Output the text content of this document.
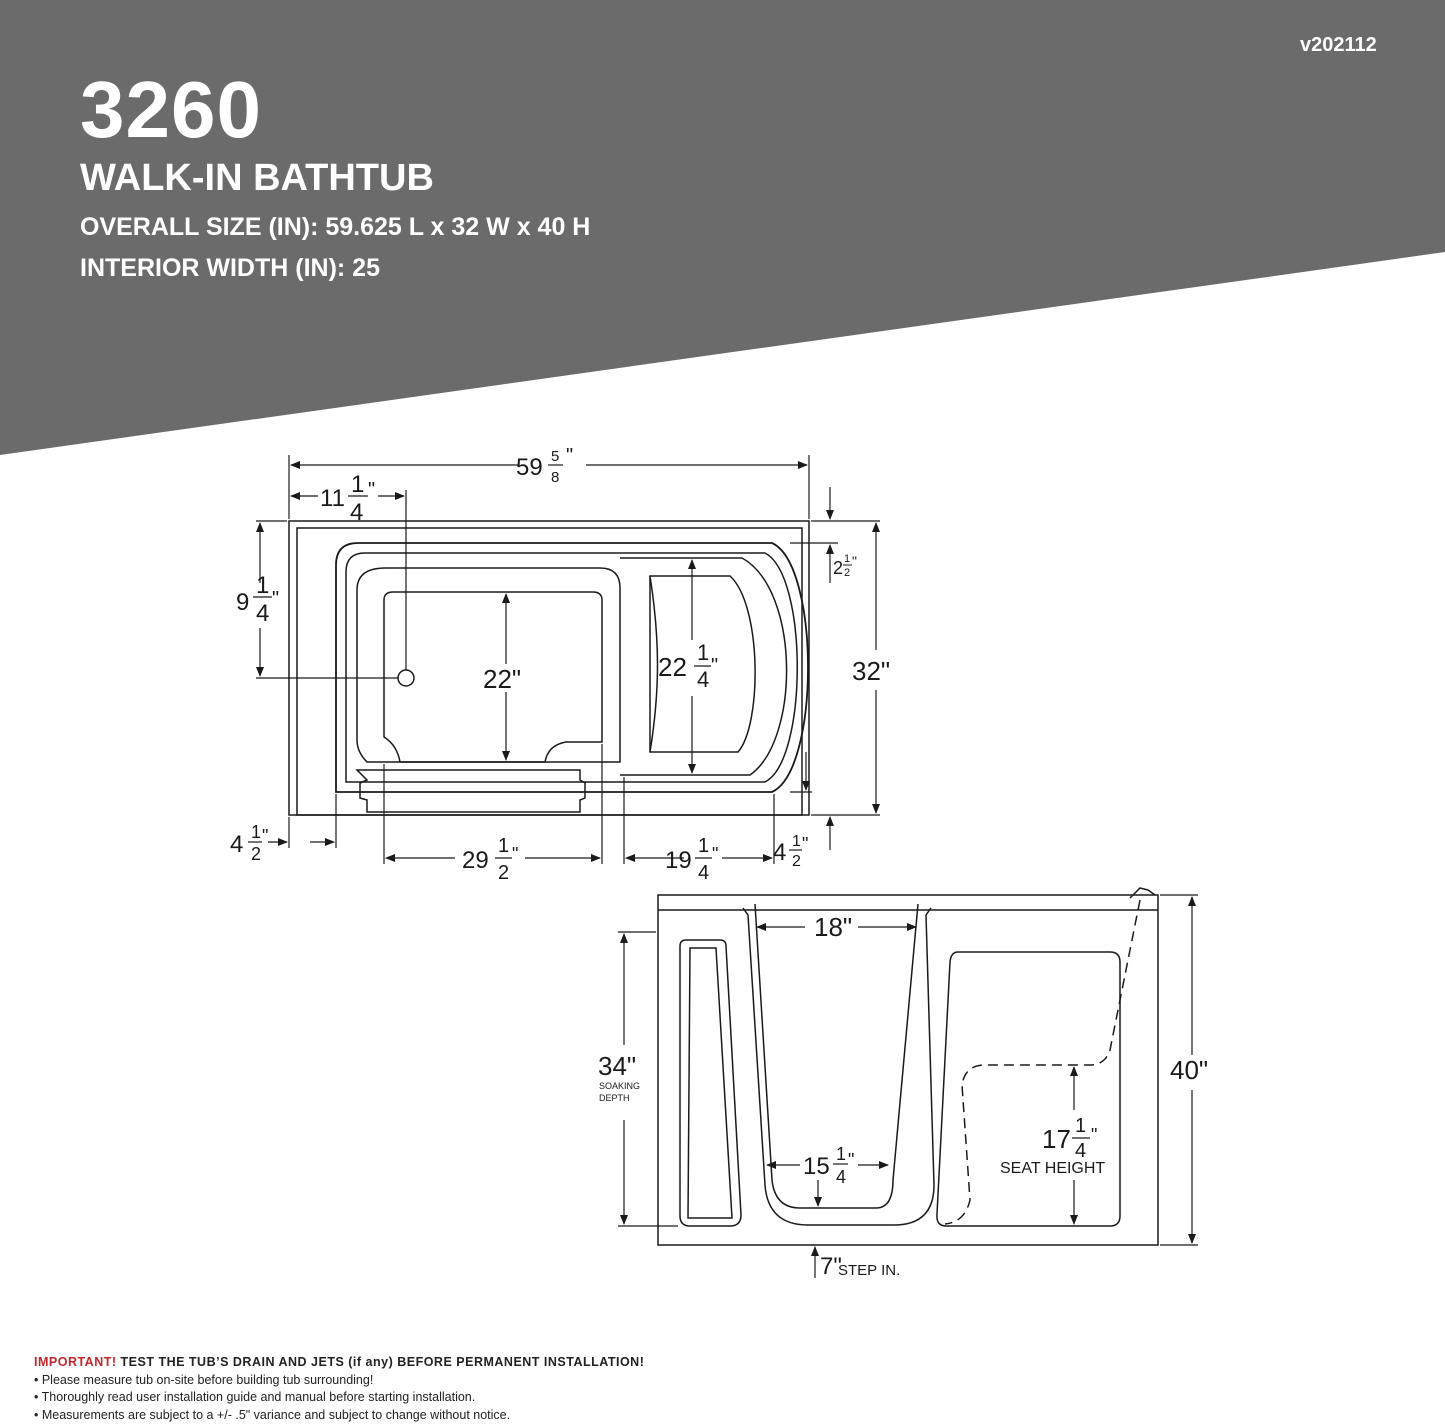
v202112
3260
WALK-IN BATHTUB
OVERALL SIZE (IN): 59.625 L x 32 W x 40 H
INTERIOR WIDTH (IN): 25
59 5
8
"
11
1
4
"
9
1
4
"
22"	22 1
4
"	32"
2 1
2
"
4 1
2
"
29
1
2
"	19
1
4
" 4 1
2
"
18"
34"
SOAKING
DEPTH
40"
17 1
4
"
SEAT HEIGHT
15 1
4
"
7"
STEP IN.
IMPORTANT! TEST THE TUB’S DRAIN AND JETS (if any) BEFORE PERMANENT INSTALLATION!
• Please measure tub on-site before building tub surrounding!
• Thoroughly read user installation guide and manual before starting installation.
• Measurements are subject to a +/- .5" variance and subject to change without notice.
